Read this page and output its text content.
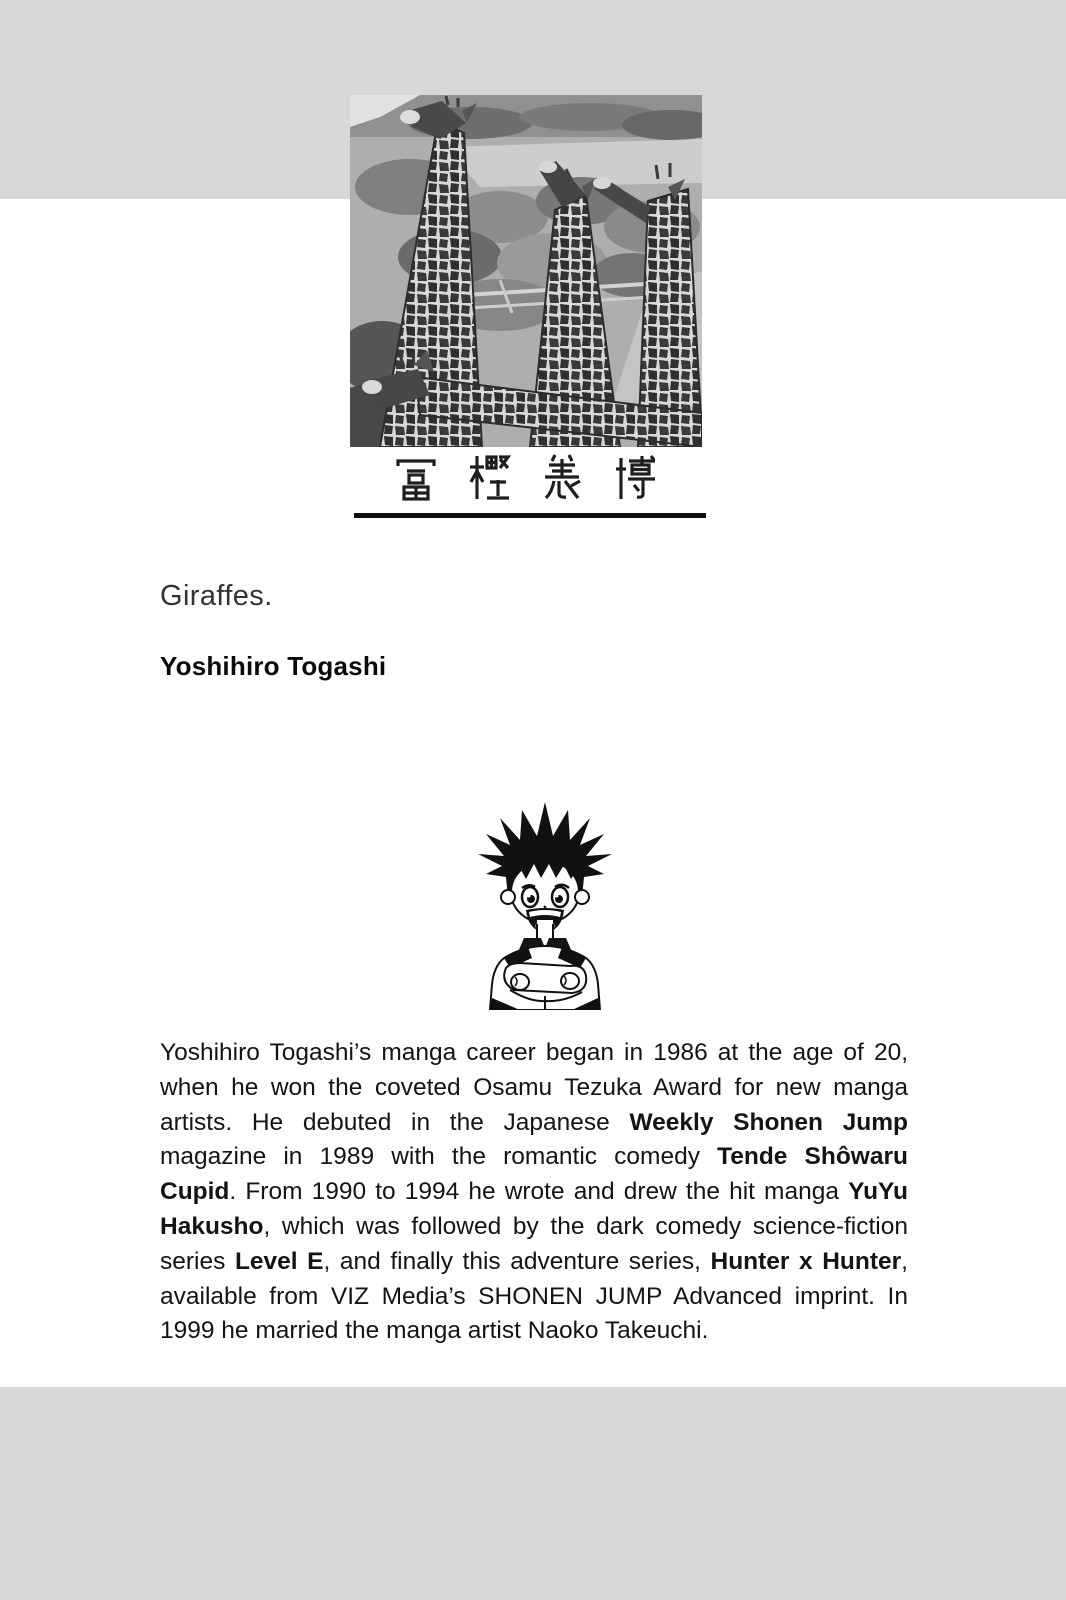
Giraffes.

Yoshihiro Togashi

Yoshihiro Togashi’s manga career began in 1986 at the age of 20, when he won the coveted Osamu Tezuka Award for new manga artists. He debuted in the Japanese Weekly Shonen Jump magazine in 1989 with the romantic comedy Tende Shôwaru Cupid. From 1990 to 1994 he wrote and drew the hit manga YuYu Hakusho, which was followed by the dark comedy science-fiction series Level E, and finally this adventure series, Hunter x Hunter, available from VIZ Media’s SHONEN JUMP Advanced imprint. In 1999 he married the manga artist Naoko Takeuchi.
